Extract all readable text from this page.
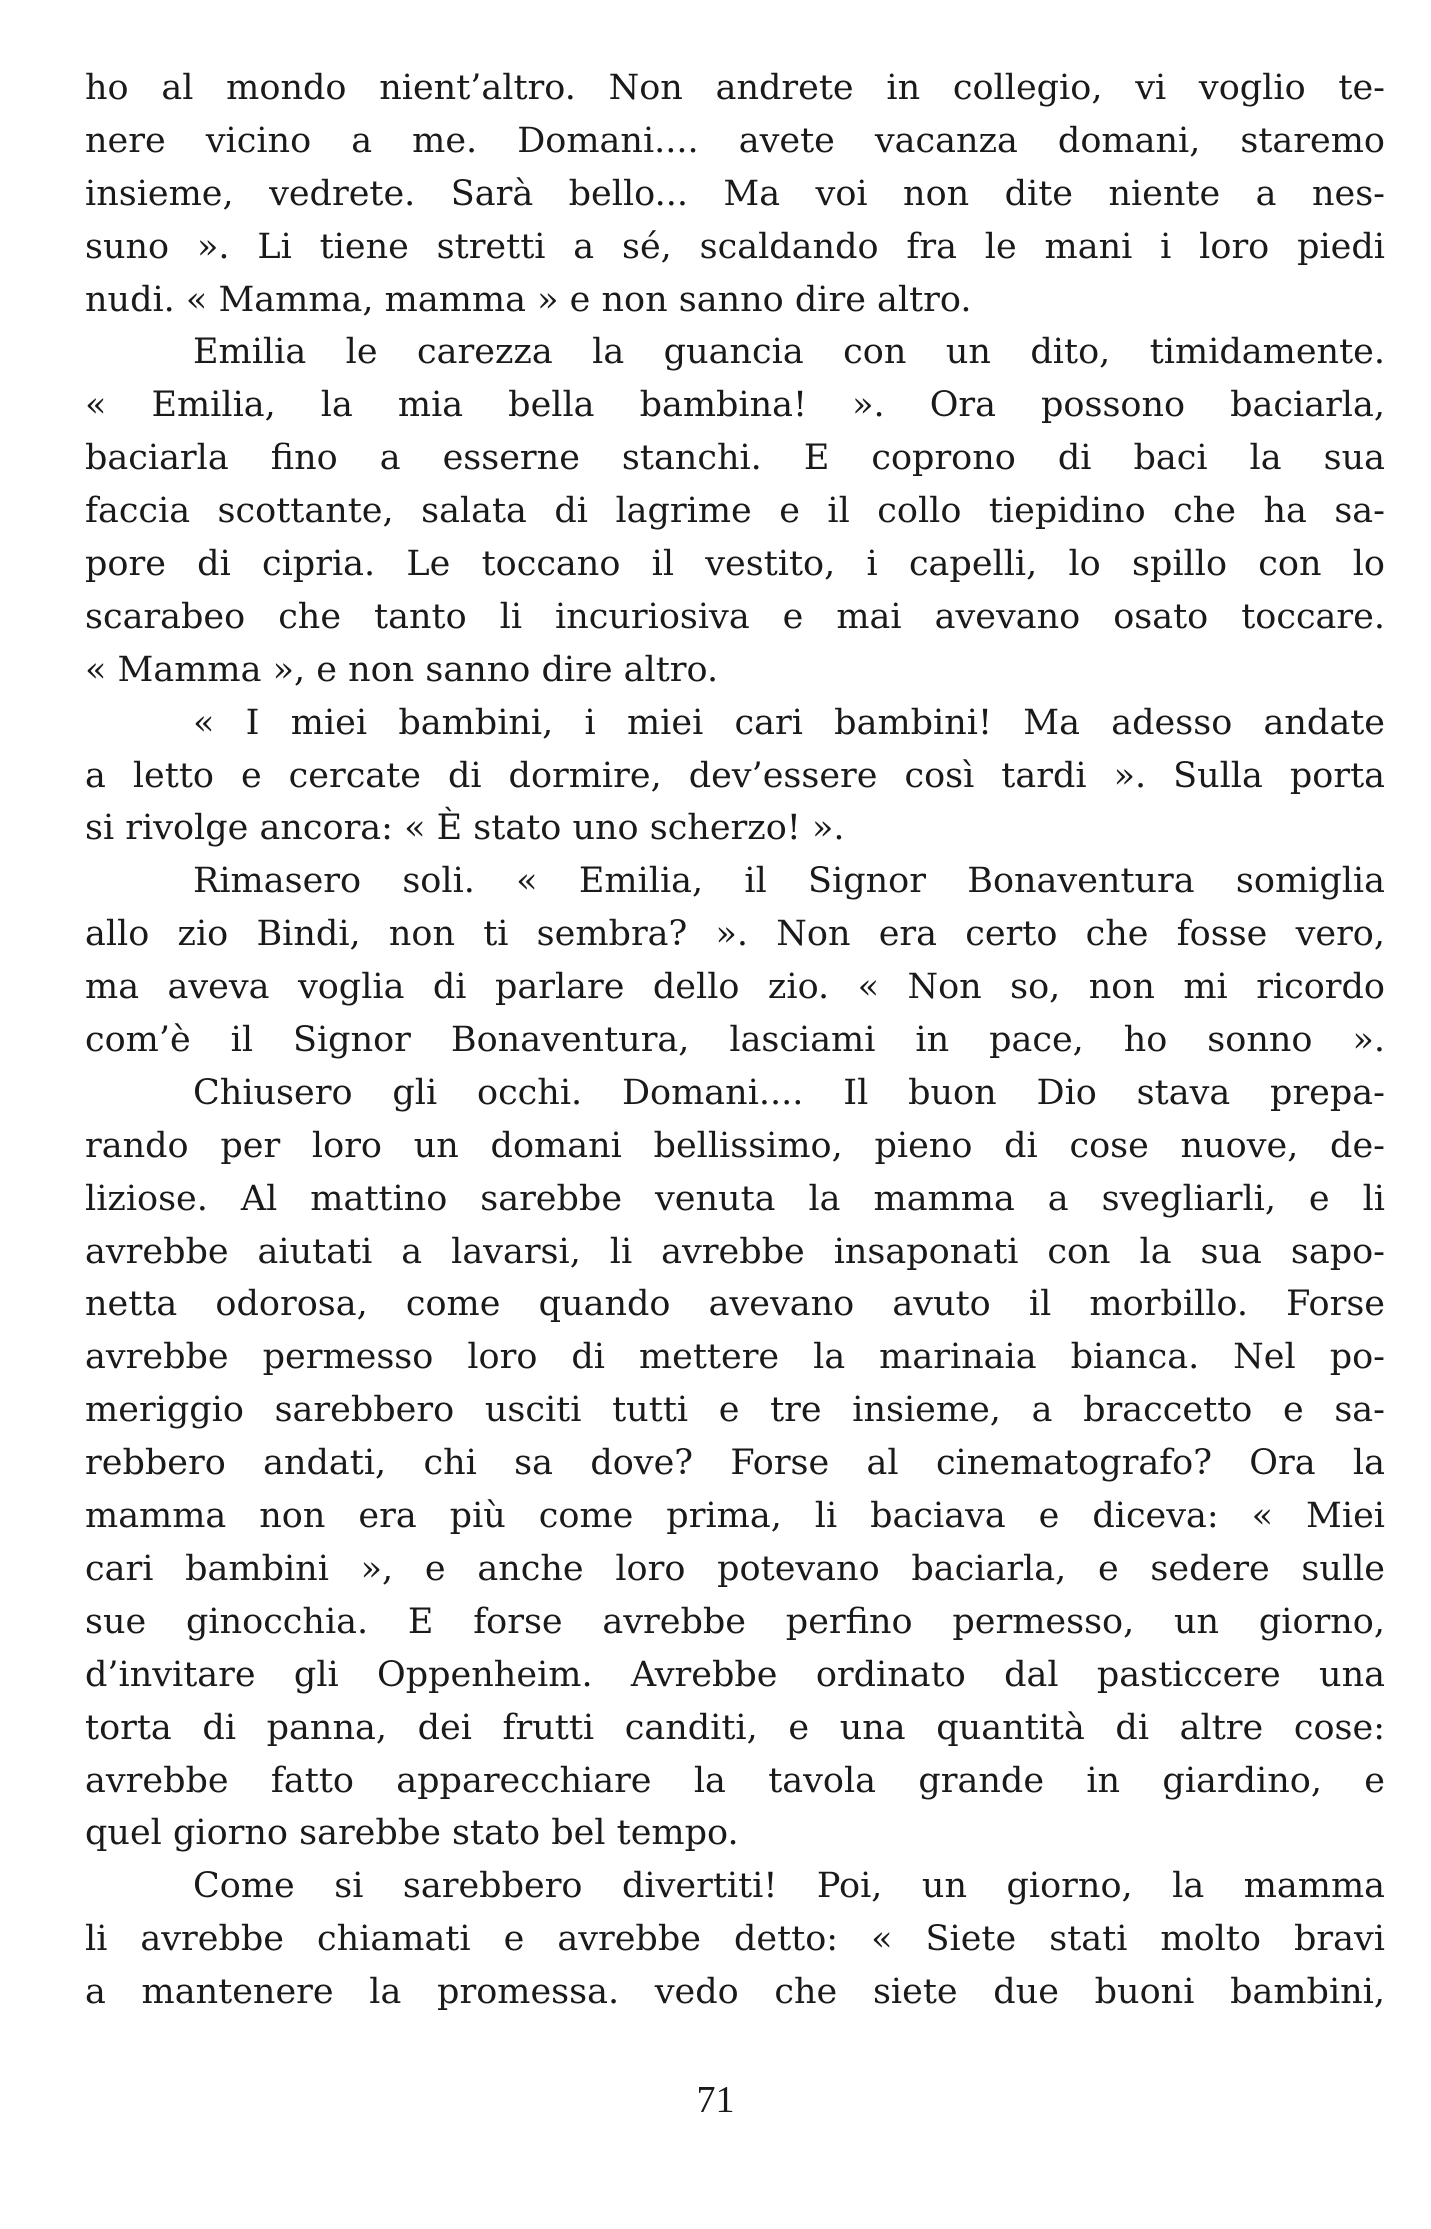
ho al mondo nient’altro. Non andrete in collegio, vi voglio te-
nere vicino a me. Domani.... avete vacanza domani, staremo
insieme, vedrete. Sarà bello... Ma voi non dite niente a nes-
suno ». Li tiene stretti a sé, scaldando fra le mani i loro piedi
nudi. « Mamma, mamma » e non sanno dire altro.
Emilia le carezza la guancia con un dito, timidamente.
« Emilia, la mia bella bambina! ». Ora possono baciarla,
baciarla fino a esserne stanchi. E coprono di baci la sua
faccia scottante, salata di lagrime e il collo tiepidino che ha sa-
pore di cipria. Le toccano il vestito, i capelli, lo spillo con lo
scarabeo che tanto li incuriosiva e mai avevano osato toccare.
« Mamma », e non sanno dire altro.
« I miei bambini, i miei cari bambini! Ma adesso andate
a letto e cercate di dormire, dev’essere così tardi ». Sulla porta
si rivolge ancora: « È stato uno scherzo! ».
Rimasero soli. « Emilia, il Signor Bonaventura somiglia
allo zio Bindi, non ti sembra? ». Non era certo che fosse vero,
ma aveva voglia di parlare dello zio. « Non so, non mi ricordo
com’è il Signor Bonaventura, lasciami in pace, ho sonno ».
Chiusero gli occhi. Domani.... Il buon Dio stava prepa-
rando per loro un domani bellissimo, pieno di cose nuove, de-
liziose. Al mattino sarebbe venuta la mamma a svegliarli, e li
avrebbe aiutati a lavarsi, li avrebbe insaponati con la sua sapo-
netta odorosa, come quando avevano avuto il morbillo. Forse
avrebbe permesso loro di mettere la marinaia bianca. Nel po-
meriggio sarebbero usciti tutti e tre insieme, a braccetto e sa-
rebbero andati, chi sa dove? Forse al cinematografo? Ora la
mamma non era più come prima, li baciava e diceva: « Miei
cari bambini », e anche loro potevano baciarla, e sedere sulle
sue ginocchia. E forse avrebbe perfino permesso, un giorno,
d’invitare gli Oppenheim. Avrebbe ordinato dal pasticcere una
torta di panna, dei frutti canditi, e una quantità di altre cose:
avrebbe fatto apparecchiare la tavola grande in giardino, e
quel giorno sarebbe stato bel tempo.
Come si sarebbero divertiti! Poi, un giorno, la mamma
li avrebbe chiamati e avrebbe detto: « Siete stati molto bravi
a mantenere la promessa. vedo che siete due buoni bambini,
71
